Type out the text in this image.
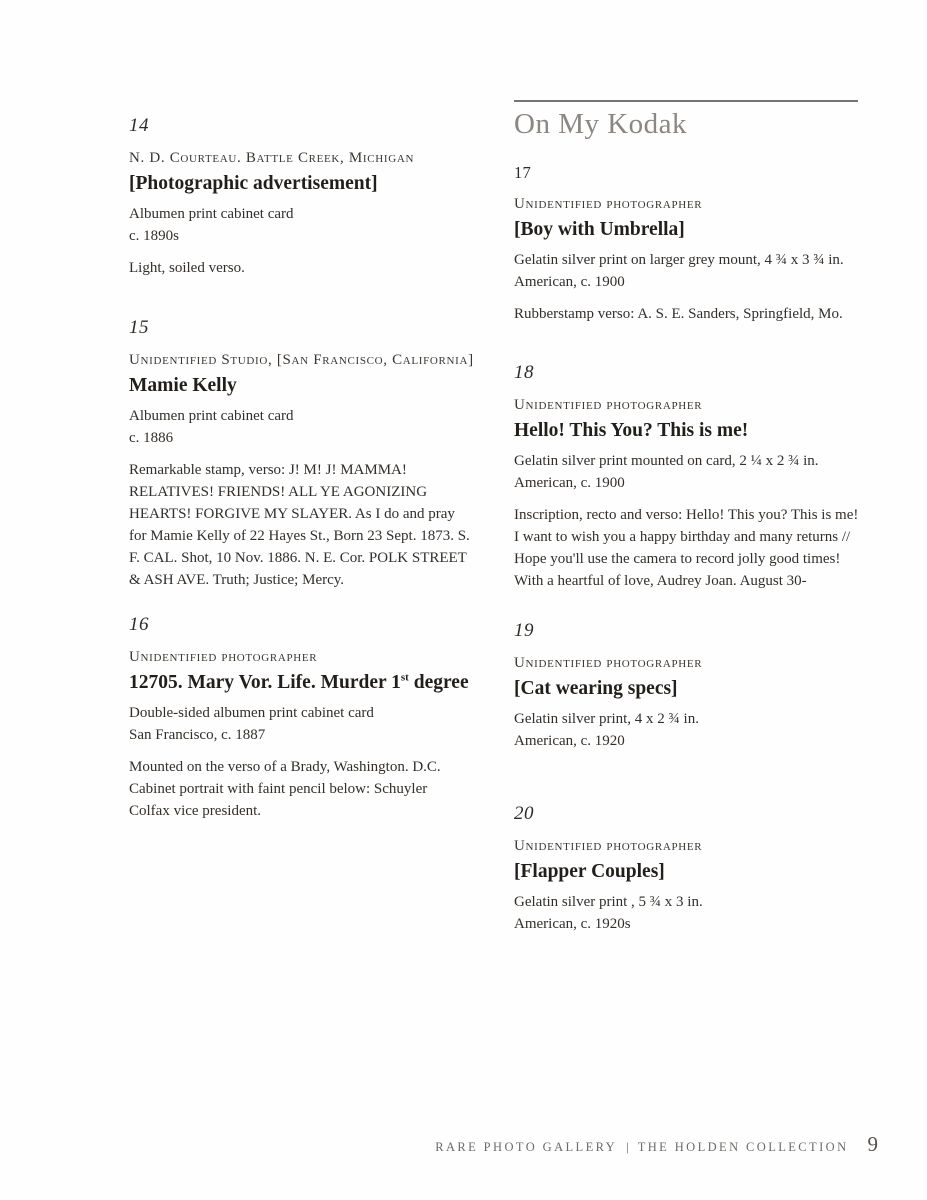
14
N. D. Courteau. Battle Creek, Michigan
[Photographic advertisement]
Albumen print cabinet card
c. 1890s
Light, soiled verso.
15
Unidentified Studio, [San Francisco, California]
Mamie Kelly
Albumen print cabinet card
c. 1886
Remarkable stamp, verso: J! M! J! MAMMA! RELATIVES! FRIENDS! ALL YE AGONIZING HEARTS! FORGIVE MY SLAYER. As I do and pray for Mamie Kelly of 22 Hayes St., Born 23 Sept. 1873. S. F. CAL. Shot, 10 Nov. 1886. N. E. Cor. POLK STREET & ASH AVE. Truth; Justice; Mercy.
16
Unidentified photographer
12705. Mary Vor. Life. Murder 1st degree
Double-sided albumen print cabinet card
San Francisco, c. 1887
Mounted on the verso of a Brady, Washington. D.C. Cabinet portrait with faint pencil below: Schuyler Colfax vice president.
On My Kodak
17
Unidentified photographer
[Boy with Umbrella]
Gelatin silver print on larger grey mount, 4 ¾ x 3 ¾ in.
American, c. 1900
Rubberstamp verso: A. S. E. Sanders, Springfield, Mo.
18
Unidentified photographer
Hello! This You? This is me!
Gelatin silver print mounted on card, 2 ¼ x 2 ¾ in.
American, c. 1900
Inscription, recto and verso: Hello! This you? This is me! I want to wish you a happy birthday and many returns // Hope you'll use the camera to record jolly good times! With a heartful of love, Audrey Joan. August 30-
19
Unidentified photographer
[Cat wearing specs]
Gelatin silver print, 4 x 2 ¾ in.
American, c. 1920
20
Unidentified photographer
[Flapper Couples]
Gelatin silver print , 5 ¾ x 3 in.
American, c. 1920s
RARE PHOTO GALLERY | THE HOLDEN COLLECTION 9
